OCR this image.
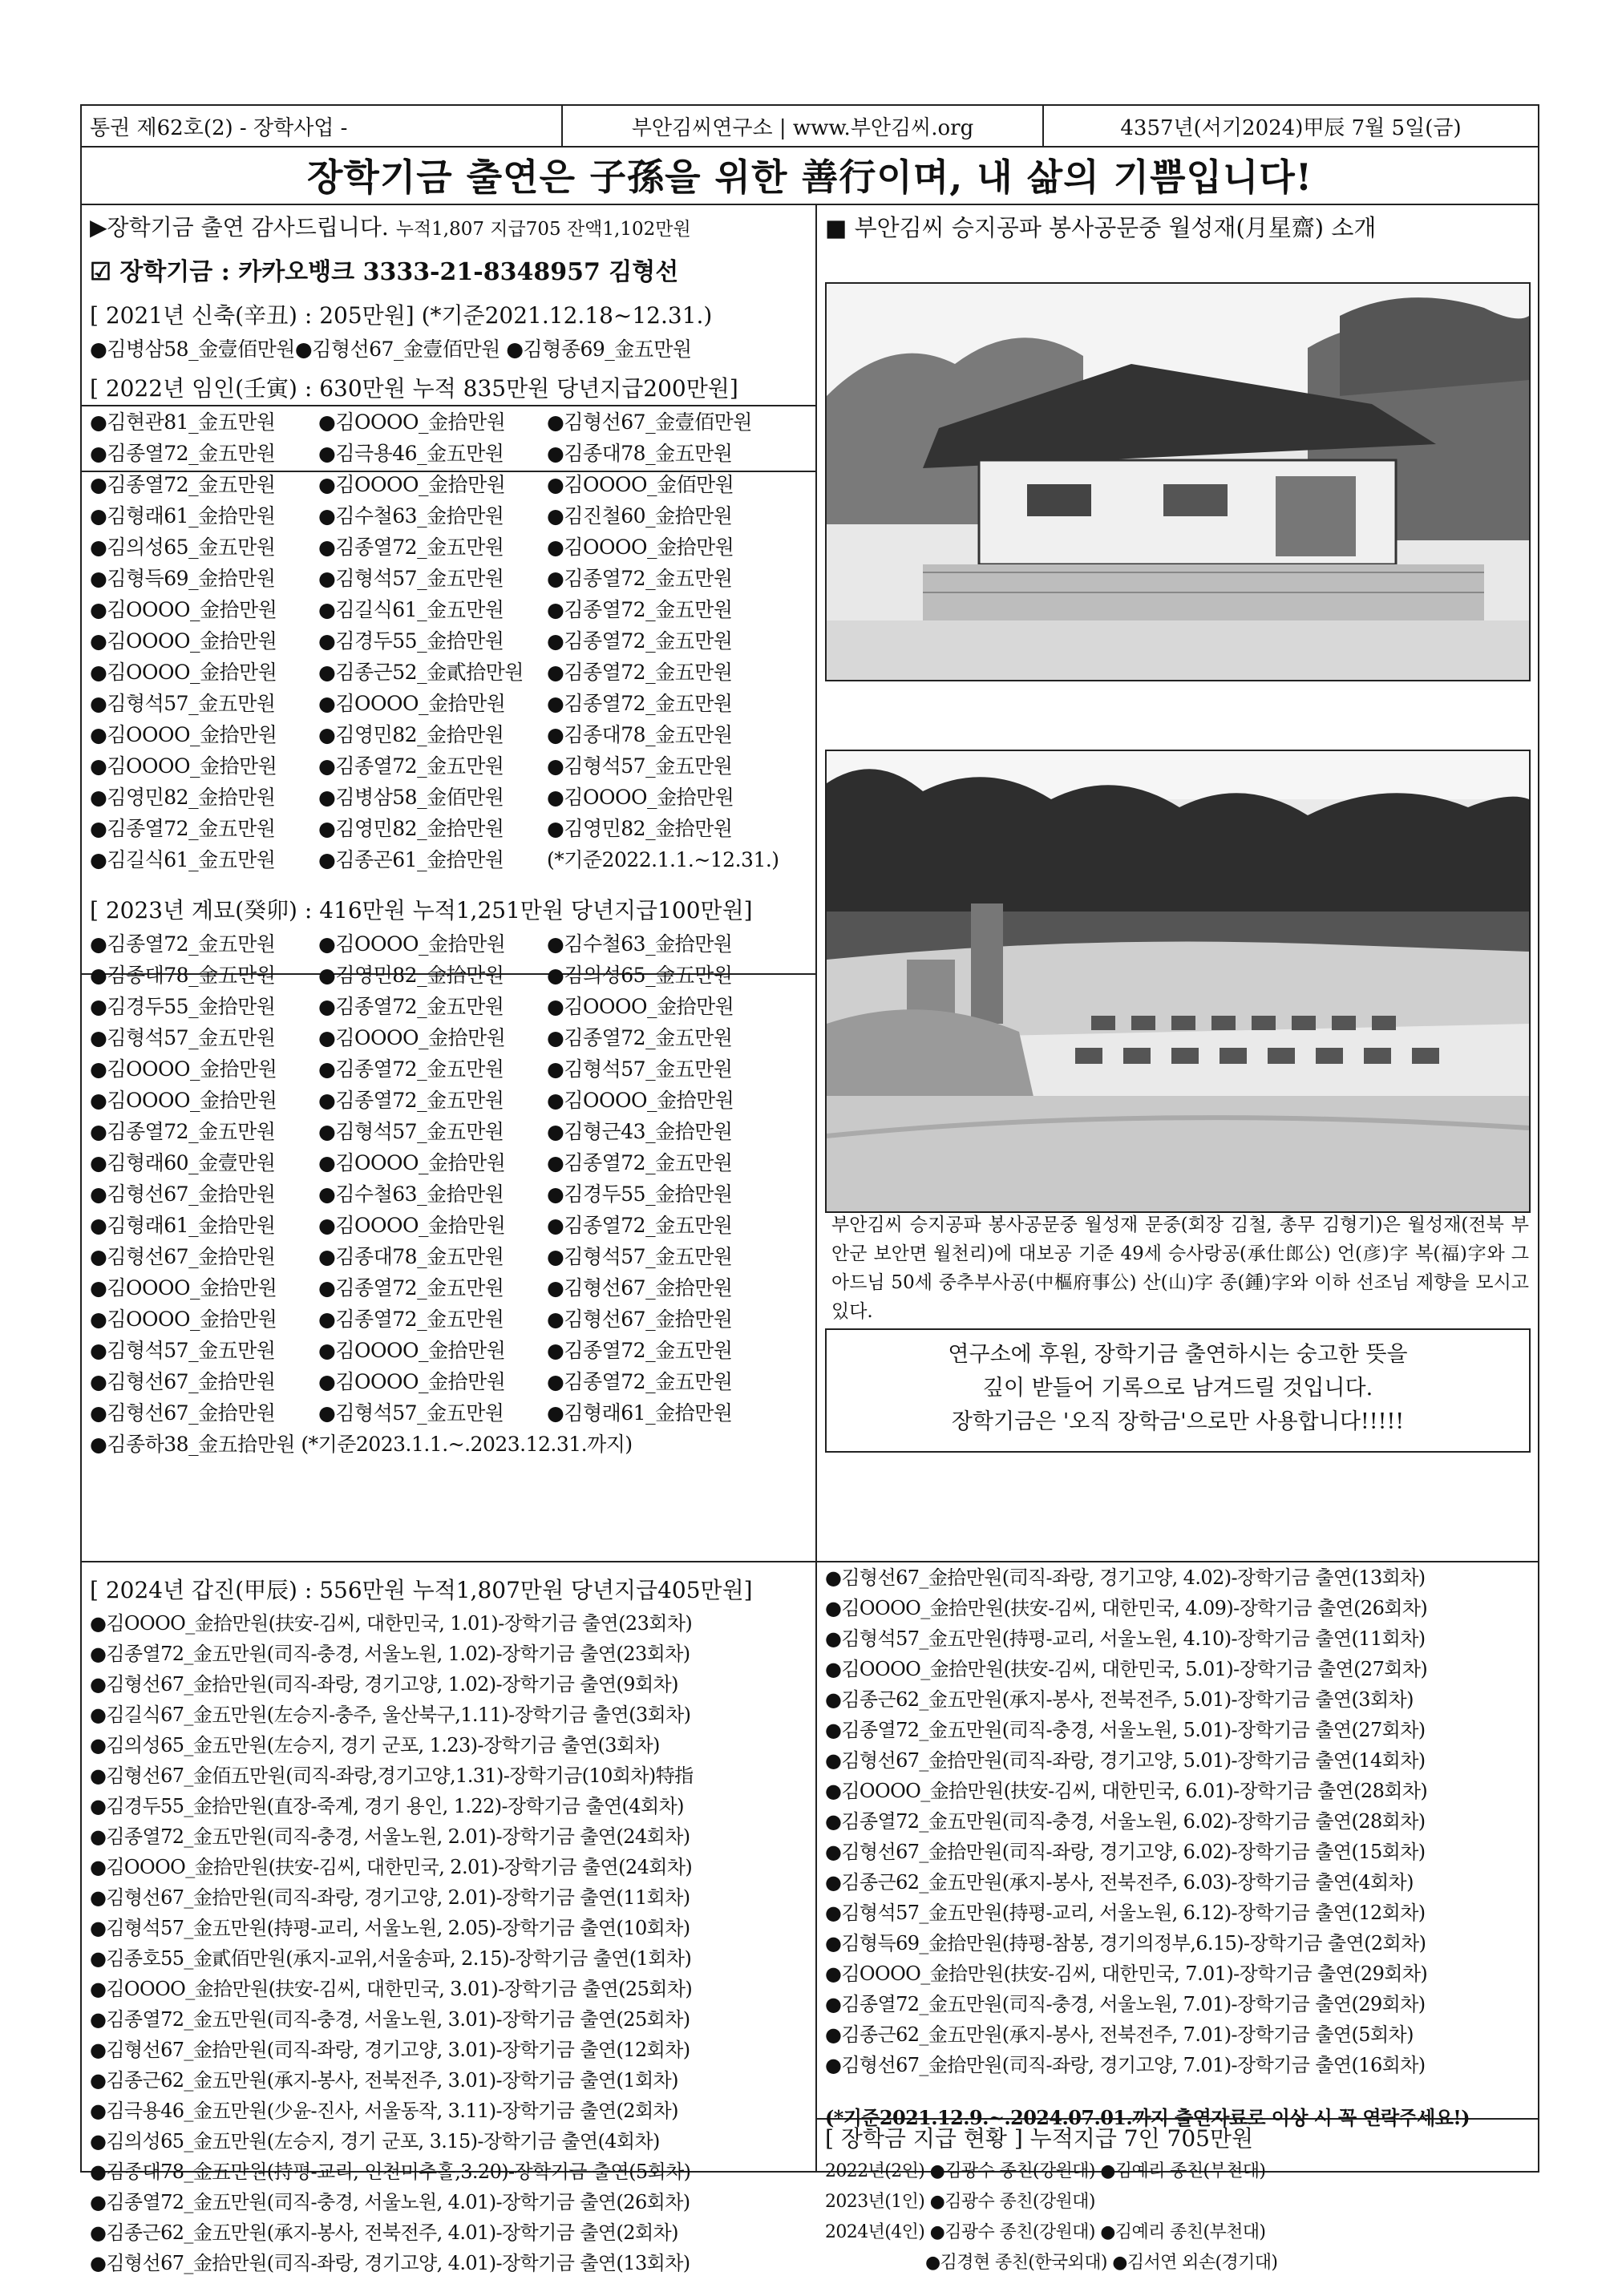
통권 제62호(2) - 장학사업 -	부안김씨연구소 | www.부안김씨.org	4357년(서기2024)甲辰 7월 5일(금)
장학기금 출연은 子孫을 위한 善行이며, 내 삶의 기쁨입니다!
▶장학기금 출연 감사드립니다. 누적1,807 지급705 잔액1,102만원
☑ 장학기금 : 카카오뱅크 3333-21-8348957 김형선
[ 2021년 신축(辛丑) : 205만원] (*기준2021.12.18~12.31.)
●김병삼58_金壹佰만원●김형선67_金壹佰만원 ●김형종69_金五만원
[ 2022년 임인(壬寅) : 630만원 누적 835만원 당년지급200만원]
●김현관81_金五만원	●김OOOO_金拾만원	●김형선67_金壹佰만원
●김종열72_金五만원	●김극용46_金五만원	●김종대78_金五만원
●김종열72_金五만원	●김OOOO_金拾만원	●김OOOO_金佰만원
●김형래61_金拾만원	●김수철63_金拾만원	●김진철60_金拾만원
●김의성65_金五만원	●김종열72_金五만원	●김OOOO_金拾만원
●김형득69_金拾만원	●김형석57_金五만원	●김종열72_金五만원
●김OOOO_金拾만원	●김길식61_金五만원	●김종열72_金五만원
●김OOOO_金拾만원	●김경두55_金拾만원	●김종열72_金五만원
●김OOOO_金拾만원	●김종근52_金貳拾만원	●김종열72_金五만원
●김형석57_金五만원	●김OOOO_金拾만원	●김종열72_金五만원
●김OOOO_金拾만원	●김영민82_金拾만원	●김종대78_金五만원
●김OOOO_金拾만원	●김종열72_金五만원	●김형석57_金五만원
●김영민82_金拾만원	●김병삼58_金佰만원	●김OOOO_金拾만원
●김종열72_金五만원	●김영민82_金拾만원	●김영민82_金拾만원
●김길식61_金五만원	●김종곤61_金拾만원	(*기준2022.1.1.~12.31.)
[ 2023년 계묘(癸卯) : 416만원 누적1,251만원 당년지급100만원]
●김종열72_金五만원	●김OOOO_金拾만원	●김수철63_金拾만원
●김종대78_金五만원	●김영민82_金拾만원	●김의성65_金五만원
●김경두55_金拾만원	●김종열72_金五만원	●김OOOO_金拾만원
●김형석57_金五만원	●김OOOO_金拾만원	●김종열72_金五만원
●김OOOO_金拾만원	●김종열72_金五만원	●김형석57_金五만원
●김OOOO_金拾만원	●김종열72_金五만원	●김OOOO_金拾만원
●김종열72_金五만원	●김형석57_金五만원	●김형근43_金拾만원
●김형래60_金壹만원	●김OOOO_金拾만원	●김종열72_金五만원
●김형선67_金拾만원	●김수철63_金拾만원	●김경두55_金拾만원
●김형래61_金拾만원	●김OOOO_金拾만원	●김종열72_金五만원
●김형선67_金拾만원	●김종대78_金五만원	●김형석57_金五만원
●김OOOO_金拾만원	●김종열72_金五만원	●김형선67_金拾만원
●김OOOO_金拾만원	●김종열72_金五만원	●김형선67_金拾만원
●김형석57_金五만원	●김OOOO_金拾만원	●김종열72_金五만원
●김형선67_金拾만원	●김OOOO_金拾만원	●김종열72_金五만원
●김형선67_金拾만원	●김형석57_金五만원	●김형래61_金拾만원
●김종하38_金五拾만원 (*기준2023.1.1.~.2023.12.31.까지)
■ 부안김씨 승지공파 봉사공문중 월성재(月星齋) 소개
부안김씨 승지공파 봉사공문중 월성재 문중(회장 김철, 총무 김형기)은 월성재(전북 부안군 보안면 월천리)에 대보공 기준 49세 승사랑공(承仕郎公) 언(彦)字 복(福)字와 그 아드님 50세 중추부사공(中樞府事公) 산(山)字 종(鍾)字와 이하 선조님 제향을 모시고 있다.
연구소에 후원, 장학기금 출연하시는 숭고한 뜻을
깊이 받들어 기록으로 남겨드릴 것입니다.
장학기금은 '오직 장학금'으로만 사용합니다!!!!!
[ 2024년 갑진(甲辰) : 556만원 누적1,807만원 당년지급405만원]
●김OOOO_金拾만원(扶安-김씨, 대한민국, 1.01)-장학기금 출연(23회차)
●김종열72_金五만원(司직-충경, 서울노원, 1.02)-장학기금 출연(23회차)
●김형선67_金拾만원(司직-좌랑, 경기고양, 1.02)-장학기금 출연(9회차)
●김길식67_金五만원(左승지-충주, 울산북구,1.11)-장학기금 출연(3회차)
●김의성65_金五만원(左승지, 경기 군포, 1.23)-장학기금 출연(3회차)
●김형선67_金佰五만원(司직-좌랑,경기고양,1.31)-장학기금(10회차)特指
●김경두55_金拾만원(直장-죽계, 경기 용인, 1.22)-장학기금 출연(4회차)
●김종열72_金五만원(司직-충경, 서울노원, 2.01)-장학기금 출연(24회차)
●김OOOO_金拾만원(扶安-김씨, 대한민국, 2.01)-장학기금 출연(24회차)
●김형선67_金拾만원(司직-좌랑, 경기고양, 2.01)-장학기금 출연(11회차)
●김형석57_金五만원(持평-교리, 서울노원, 2.05)-장학기금 출연(10회차)
●김종호55_金貳佰만원(承지-교위,서울송파, 2.15)-장학기금 출연(1회차)
●김OOOO_金拾만원(扶安-김씨, 대한민국, 3.01)-장학기금 출연(25회차)
●김종열72_金五만원(司직-충경, 서울노원, 3.01)-장학기금 출연(25회차)
●김형선67_金拾만원(司직-좌랑, 경기고양, 3.01)-장학기금 출연(12회차)
●김종근62_金五만원(承지-봉사, 전북전주, 3.01)-장학기금 출연(1회차)
●김극용46_金五만원(少윤-진사, 서울동작, 3.11)-장학기금 출연(2회차)
●김의성65_金五만원(左승지, 경기 군포, 3.15)-장학기금 출연(4회차)
●김종대78_金五만원(持평-교리, 인천미추홀,3.20)-장학기금 출연(5회차)
●김종열72_金五만원(司직-충경, 서울노원, 4.01)-장학기금 출연(26회차)
●김종근62_金五만원(承지-봉사, 전북전주, 4.01)-장학기금 출연(2회차)
●김형선67_金拾만원(司직-좌랑, 경기고양, 4.01)-장학기금 출연(13회차)
●김형선67_金拾만원(司직-좌랑, 경기고양, 4.02)-장학기금 출연(13회차)
●김OOOO_金拾만원(扶安-김씨, 대한민국, 4.09)-장학기금 출연(26회차)
●김형석57_金五만원(持평-교리, 서울노원, 4.10)-장학기금 출연(11회차)
●김OOOO_金拾만원(扶安-김씨, 대한민국, 5.01)-장학기금 출연(27회차)
●김종근62_金五만원(承지-봉사, 전북전주, 5.01)-장학기금 출연(3회차)
●김종열72_金五만원(司직-충경, 서울노원, 5.01)-장학기금 출연(27회차)
●김형선67_金拾만원(司직-좌랑, 경기고양, 5.01)-장학기금 출연(14회차)
●김OOOO_金拾만원(扶安-김씨, 대한민국, 6.01)-장학기금 출연(28회차)
●김종열72_金五만원(司직-충경, 서울노원, 6.02)-장학기금 출연(28회차)
●김형선67_金拾만원(司직-좌랑, 경기고양, 6.02)-장학기금 출연(15회차)
●김종근62_金五만원(承지-봉사, 전북전주, 6.03)-장학기금 출연(4회차)
●김형석57_金五만원(持평-교리, 서울노원, 6.12)-장학기금 출연(12회차)
●김형득69_金拾만원(持평-참봉, 경기의정부,6.15)-장학기금 출연(2회차)
●김OOOO_金拾만원(扶安-김씨, 대한민국, 7.01)-장학기금 출연(29회차)
●김종열72_金五만원(司직-충경, 서울노원, 7.01)-장학기금 출연(29회차)
●김종근62_金五만원(承지-봉사, 전북전주, 7.01)-장학기금 출연(5회차)
●김형선67_金拾만원(司직-좌랑, 경기고양, 7.01)-장학기금 출연(16회차)
(*기준2021.12.9.~.2024.07.01.까지 출연자료로 이상 시 꼭 연락주세요!)
[ 장학금 지급 현황 ] 누적지급 7인 705만원
2022년(2인) ●김광수 종친(강원대) ●김예리 종친(부천대)
2023년(1인) ●김광수 종친(강원대)
2024년(4인) ●김광수 종친(강원대) ●김예리 종친(부천대)
●김경현 종친(한국외대) ●김서연 외손(경기대)
